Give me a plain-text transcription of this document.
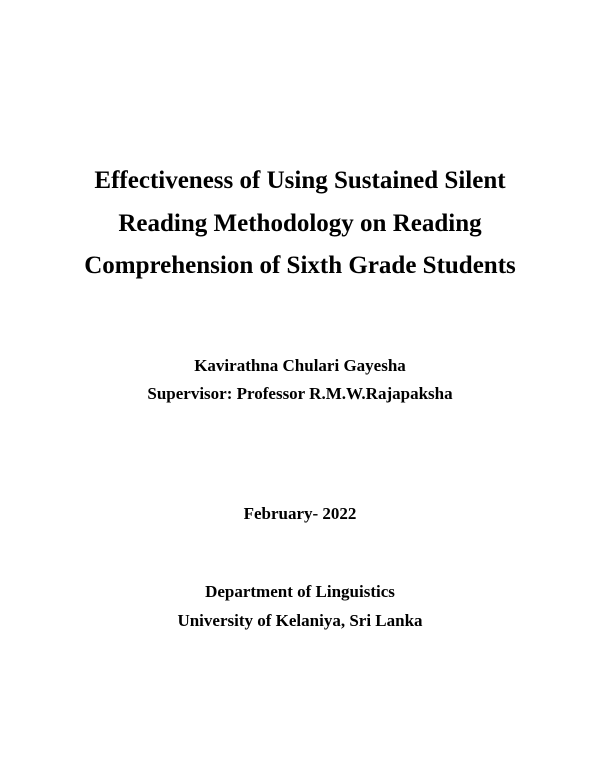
Effectiveness of Using Sustained Silent
Reading Methodology on Reading
Comprehension of Sixth Grade Students
Kavirathna Chulari Gayesha
Supervisor: Professor R.M.W.Rajapaksha
February- 2022
Department of Linguistics
University of Kelaniya, Sri Lanka
